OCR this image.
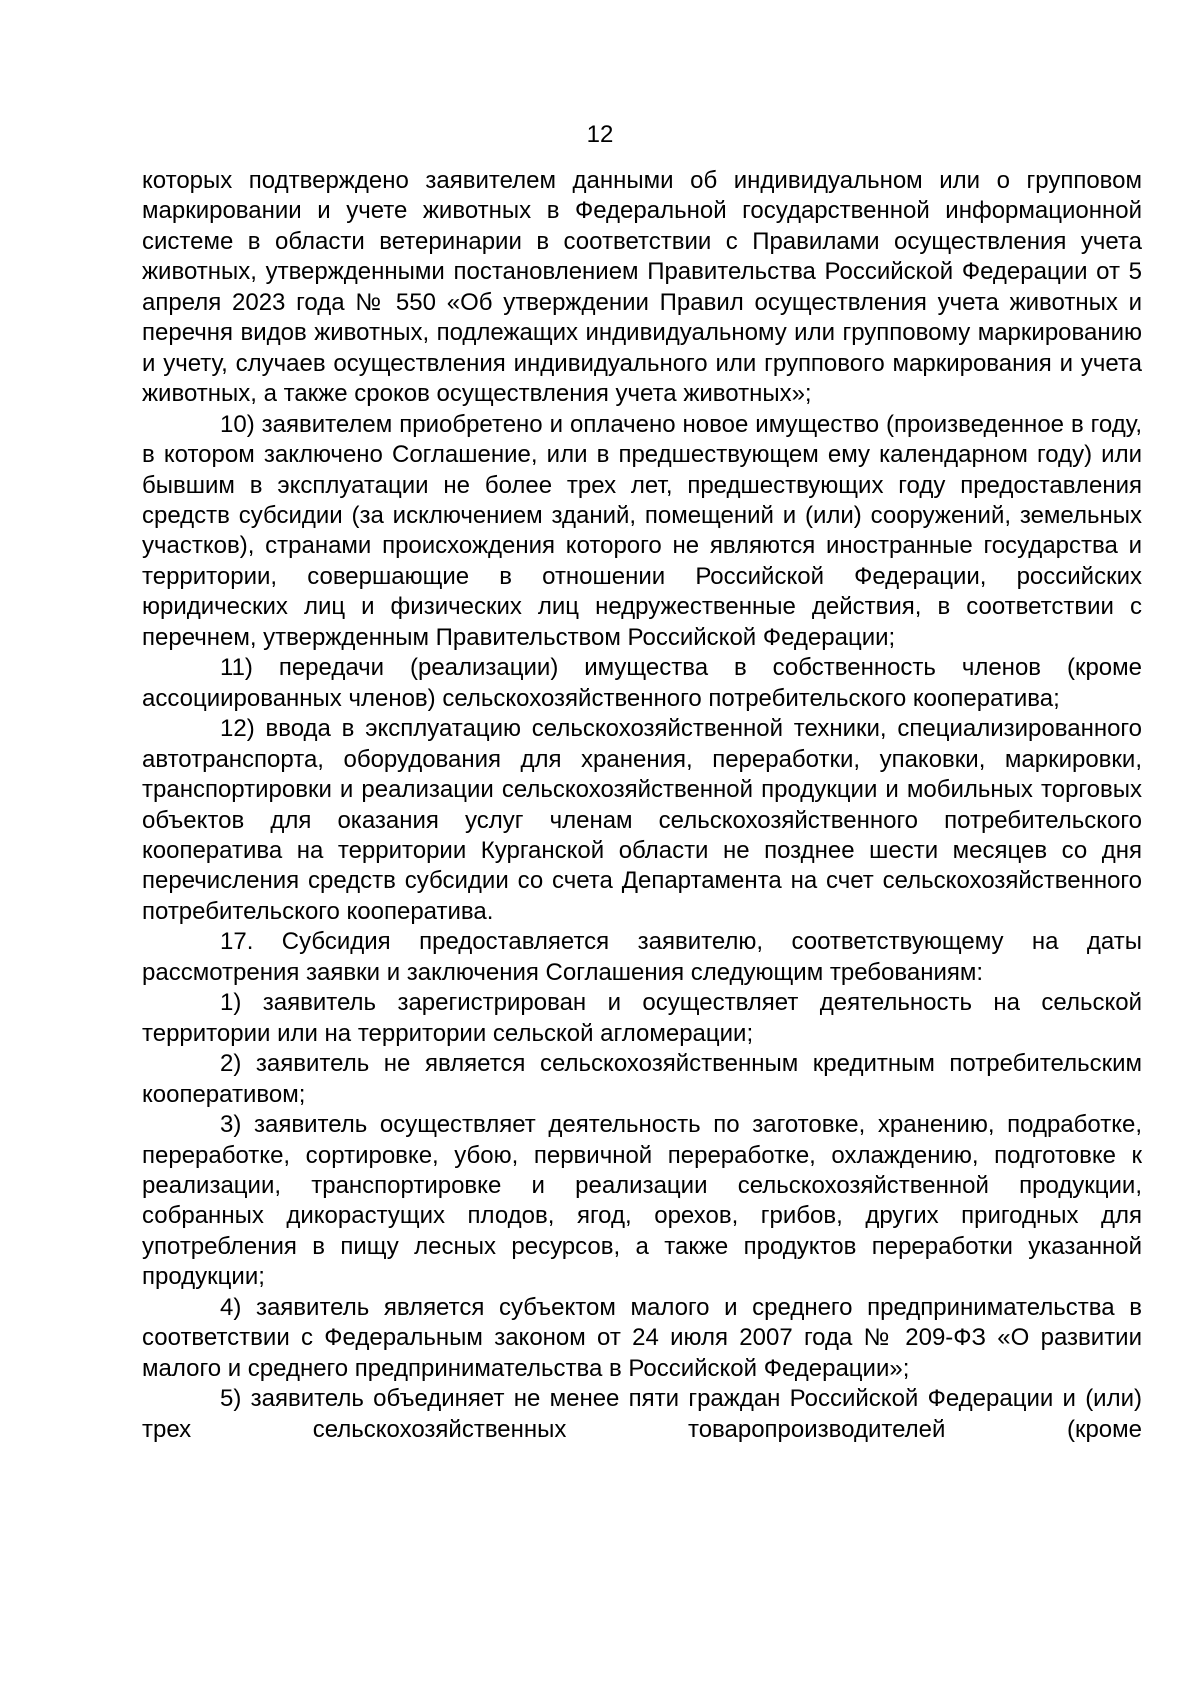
12

которых подтверждено заявителем данными об индивидуальном или о групповом маркировании и учете животных в Федеральной государственной информационной системе в области ветеринарии в соответствии с Правилами осуществления учета животных, утвержденными постановлением Правительства Российской Федерации от 5 апреля 2023 года № 550 «Об утверждении Правил осуществления учета животных и перечня видов животных, подлежащих индивидуальному или групповому маркированию и учету, случаев осуществления индивидуального или группового маркирования и учета животных, а также сроков осуществления учета животных»;

10) заявителем приобретено и оплачено новое имущество (произведенное в году, в котором заключено Соглашение, или в предшествующем ему календарном году) или бывшим в эксплуатации не более трех лет, предшествующих году предоставления средств субсидии (за исключением зданий, помещений и (или) сооружений, земельных участков), странами происхождения которого не являются иностранные государства и территории, совершающие в отношении Российской Федерации, российских юридических лиц и физических лиц недружественные действия, в соответствии с перечнем, утвержденным Правительством Российской Федерации;

11) передачи (реализации) имущества в собственность членов (кроме ассоциированных членов) сельскохозяйственного потребительского кооператива;

12) ввода в эксплуатацию сельскохозяйственной техники, специализированного автотранспорта, оборудования для хранения, переработки, упаковки, маркировки, транспортировки и реализации сельскохозяйственной продукции и мобильных торговых объектов для оказания услуг членам сельскохозяйственного потребительского кооператива на территории Курганской области не позднее шести месяцев со дня перечисления средств субсидии со счета Департамента на счет сельскохозяйственного потребительского кооператива.

17. Субсидия предоставляется заявителю, соответствующему на даты рассмотрения заявки и заключения Соглашения следующим требованиям:

1) заявитель зарегистрирован и осуществляет деятельность на сельской территории или на территории сельской агломерации;

2) заявитель не является сельскохозяйственным кредитным потребительским кооперативом;

3) заявитель осуществляет деятельность по заготовке, хранению, подработке, переработке, сортировке, убою, первичной переработке, охлаждению, подготовке к реализации, транспортировке и реализации сельскохозяйственной продукции, собранных дикорастущих плодов, ягод, орехов, грибов, других пригодных для употребления в пищу лесных ресурсов, а также продуктов переработки указанной продукции;

4) заявитель является субъектом малого и среднего предпринимательства в соответствии с Федеральным законом от 24 июля 2007 года № 209-ФЗ «О развитии малого и среднего предпринимательства в Российской Федерации»;

5) заявитель объединяет не менее пяти граждан Российской Федерации и (или) трех сельскохозяйственных товаропроизводителей (кроме
